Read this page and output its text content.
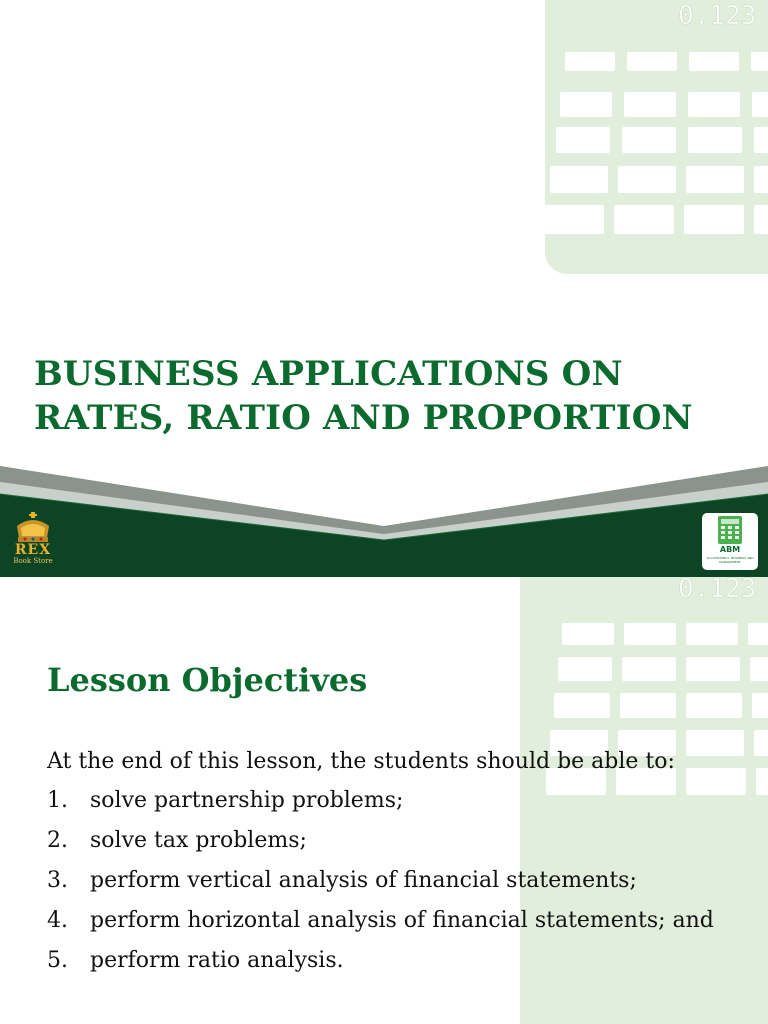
0.123
BUSINESS APPLICATIONS ON
RATES, RATIO AND PROPORTION
REX
Book Store
ABM
ACCOUNTANCY, BUSINESS AND MANAGEMENT
0.123
Lesson Objectives
At the end of this lesson, the students should be able to:
1. solve partnership problems;
2. solve tax problems;
3. perform vertical analysis of financial statements;
4. perform horizontal analysis of financial statements; and
5. perform ratio analysis.
